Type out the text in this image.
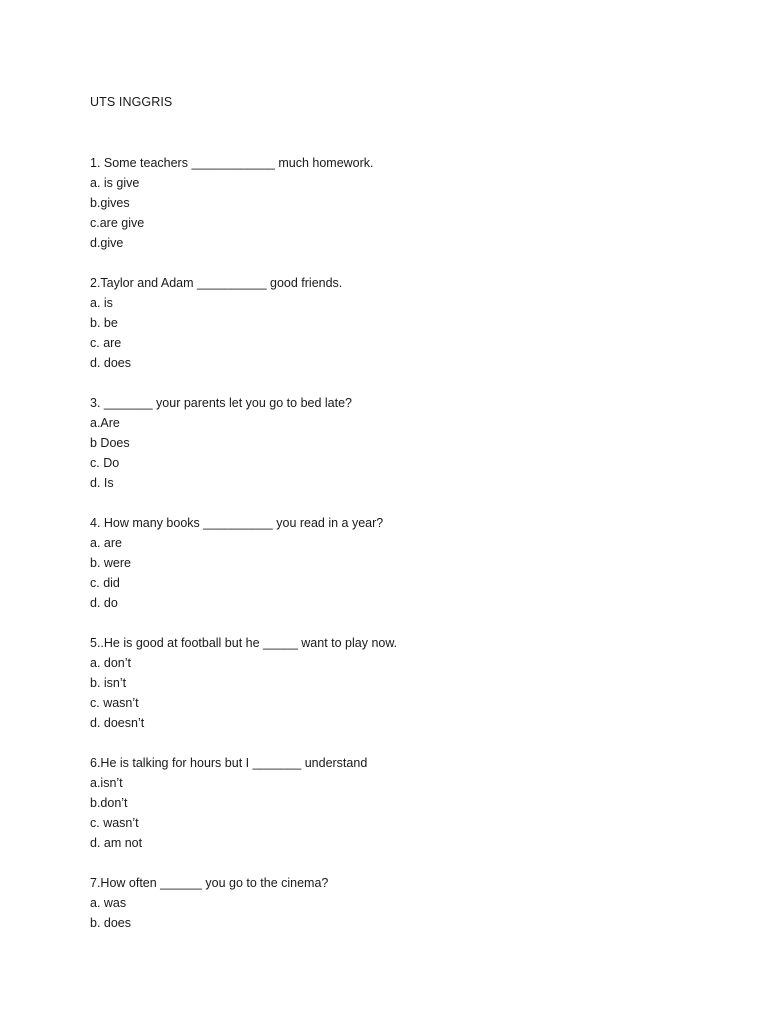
UTS INGGRIS
1. Some teachers ____________ much homework.
a. is give
b.gives
c.are give
d.give
2.Taylor and Adam __________ good friends.
a. is
b. be
c. are
d. does
3. _______ your parents let you go to bed late?
a.Are
b Does
c. Do
d. Is
4. How many books __________ you read in a year?
a. are
b. were
c. did
d. do
5..He is good at football but he _____ want to play now.
a. don’t
b. isn’t
c. wasn’t
d. doesn’t
6.He is talking for hours but I _______ understand
a.isn’t
b.don’t
c. wasn’t
d. am not
7.How often ______ you go to the cinema?
a. was
b. does
